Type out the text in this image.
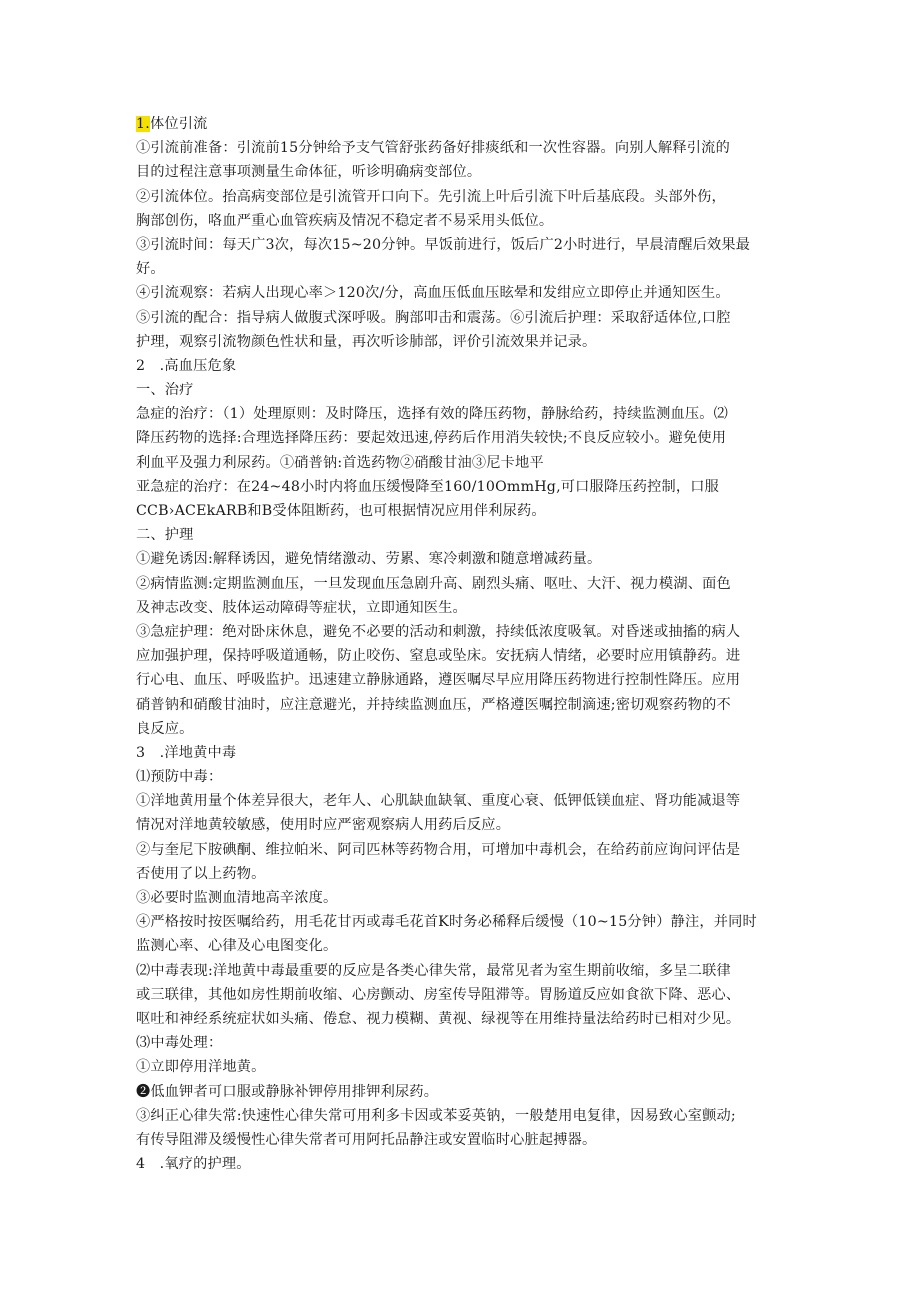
1.体位引流
①引流前准备：引流前15分钟给予支气管舒张药备好排痰纸和一次性容器。向别人解释引流的
目的过程注意事项测量生命体征，听诊明确病变部位。
②引流体位。抬高病变部位是引流管开口向下。先引流上叶后引流下叶后基底段。头部外伤，
胸部创伤，咯血严重心血管疾病及情况不稳定者不易采用头低位。
③引流时间：每天广3次，每次15~20分钟。早饭前进行，饭后广2小时进行，早晨清醒后效果最
好。
④引流观察：若病人出现心率＞120次/分，高血压低血压眩晕和发绀应立即停止并通知医生。
⑤引流的配合：指导病人做腹式深呼吸。胸部叩击和震荡。⑥引流后护理：采取舒适体位,口腔
护理，观察引流物颜色性状和量，再次听诊肺部，评价引流效果并记录。
2　.高血压危象
一、治疗
急症的治疗：（1）处理原则：及时降压，选择有效的降压药物，静脉给药，持续监测血压。⑵
降压药物的选择:合理选择降压药：要起效迅速,停药后作用消失较快;不良反应较小。避免使用
利血平及强力利尿药。①硝普钠:首选药物②硝酸甘油③尼卡地平
亚急症的治疗：在24~48小时内将血压缓慢降至160/10OmmHg,可口服降压药控制，口服
CCB›ACEkARB和B受体阻断药，也可根据情况应用伴利尿药。
二、护理
①避免诱因:解释诱因，避免情绪激动、劳累、寒冷刺激和随意增减药量。
②病情监测:定期监测血压，一旦发现血压急剧升高、剧烈头痛、呕吐、大汗、视力模湖、面色
及神志改变、肢体运动障碍等症状，立即通知医生。
③急症护理：绝对卧床休息，避免不必要的活动和刺激，持续低浓度吸氧。对昏迷或抽搐的病人
应加强护理，保持呼吸道通畅，防止咬伤、窒息或坠床。安抚病人情绪，必要时应用镇静药。进
行心电、血压、呼吸监护。迅速建立静脉通路，遵医嘱尽早应用降压药物进行控制性降压。应用
硝普钠和硝酸甘油时，应注意避光，并持续监测血压，严格遵医嘱控制滴速;密切观察药物的不
良反应。
3　.洋地黄中毒
⑴预防中毒：
①洋地黄用量个体差异很大，老年人、心肌缺血缺氧、重度心衰、低钾低镁血症、肾功能减退等
情况对洋地黄较敏感，使用时应严密观察病人用药后反应。
②与奎尼下胺碘酮、维拉帕米、阿司匹林等药物合用，可增加中毒机会，在给药前应询问评估是
否使用了以上药物。
③必要时监测血清地高辛浓度。
④严格按时按医嘱给药，用毛花甘丙或毒毛花首K时务必稀释后缓慢（10~15分钟）静注，并同时
监测心率、心律及心电图变化。
⑵中毒表现:洋地黄中毒最重要的反应是各类心律失常，最常见者为室生期前收缩，多呈二联律
或三联律，其他如房性期前收缩、心房颤动、房室传导阻滞等。胃肠道反应如食欲下降、恶心、
呕吐和神经系统症状如头痛、倦怠、视力模糊、黄视、绿视等在用维持量法给药时已相对少见。
⑶中毒处理：
①立即停用洋地黄。
❷低血钾者可口服或静脉补钾停用排钾利尿药。
③纠正心律失常:快速性心律失常可用利多卡因或苯妥英钠，一般楚用电复律，因易致心室颤动;
有传导阻滞及缓慢性心律失常者可用阿托品静注或安置临时心脏起搏器。
4　.氧疗的护理。
